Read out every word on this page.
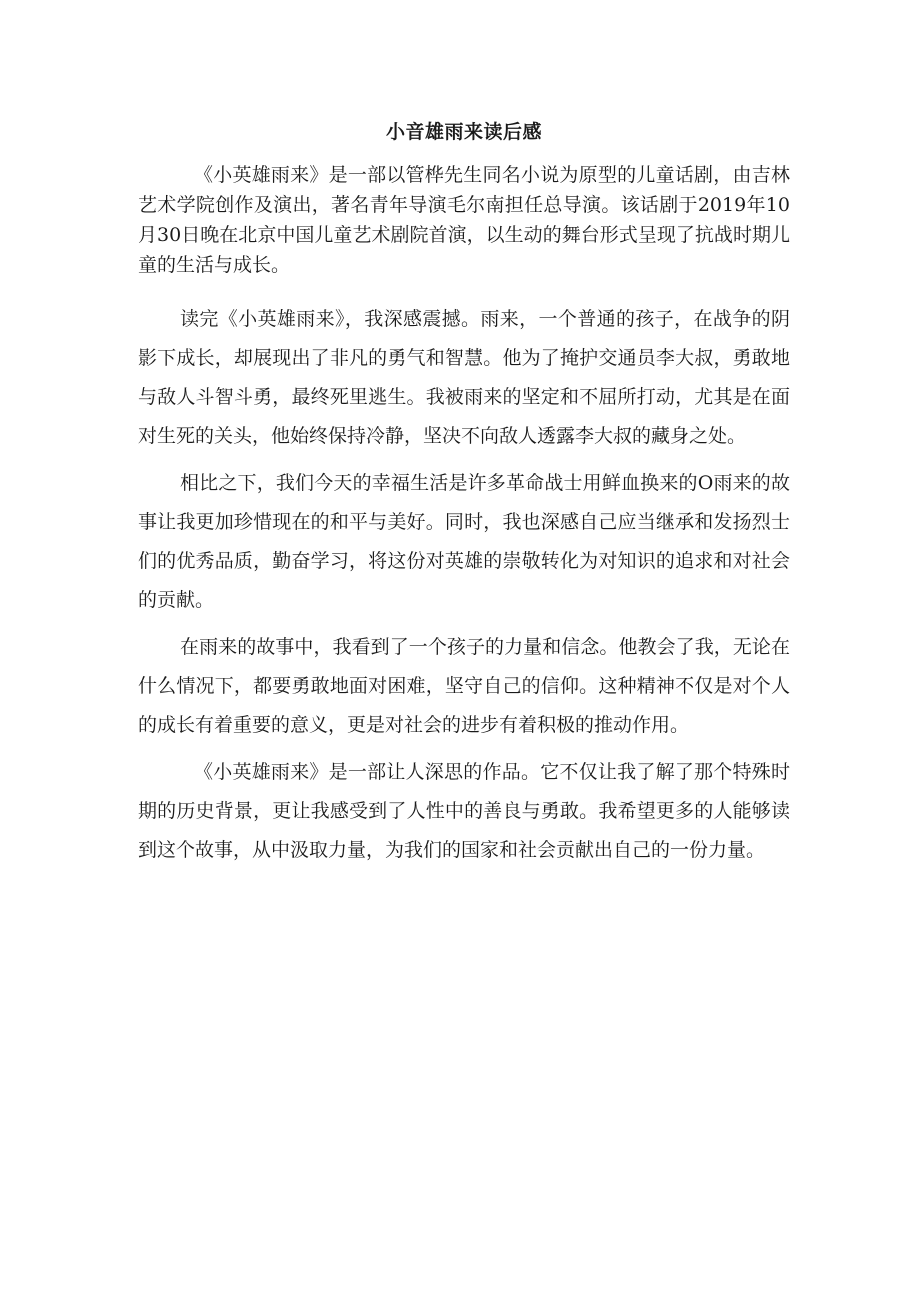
小音雄雨来读后感

《小英雄雨来》是一部以管桦先生同名小说为原型的儿童话剧，由吉林艺术学院创作及演出，著名青年导演毛尔南担任总导演。该话剧于2019年10月30日晚在北京中国儿童艺术剧院首演，以生动的舞台形式呈现了抗战时期儿童的生活与成长。

读完《小英雄雨来》，我深感震撼。雨来，一个普通的孩子，在战争的阴影下成长，却展现出了非凡的勇气和智慧。他为了掩护交通员李大叔，勇敢地与敌人斗智斗勇，最终死里逃生。我被雨来的坚定和不屈所打动，尤其是在面对生死的关头，他始终保持冷静，坚决不向敌人透露李大叔的藏身之处。

相比之下，我们今天的幸福生活是许多革命战士用鲜血换来的O雨来的故事让我更加珍惜现在的和平与美好。同时，我也深感自己应当继承和发扬烈士们的优秀品质，勤奋学习，将这份对英雄的崇敬转化为对知识的追求和对社会的贡献。

在雨来的故事中，我看到了一个孩子的力量和信念。他教会了我，无论在什么情况下，都要勇敢地面对困难，坚守自己的信仰。这种精神不仅是对个人的成长有着重要的意义，更是对社会的进步有着积极的推动作用。

《小英雄雨来》是一部让人深思的作品。它不仅让我了解了那个特殊时期的历史背景，更让我感受到了人性中的善良与勇敢。我希望更多的人能够读到这个故事，从中汲取力量，为我们的国家和社会贡献出自己的一份力量。
